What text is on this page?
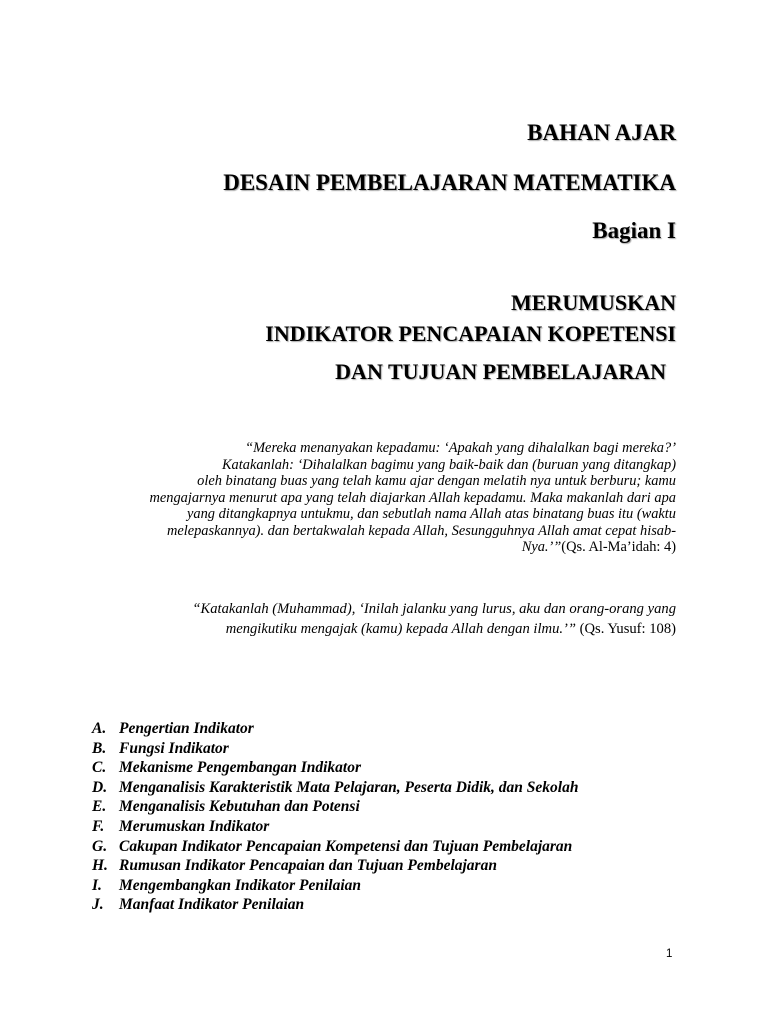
BAHAN AJAR
DESAIN PEMBELAJARAN MATEMATIKA
Bagian I
MERUMUSKAN
INDIKATOR PENCAPAIAN KOPETENSI
DAN TUJUAN PEMBELAJARAN
“Mereka menanyakan kepadamu: ‘Apakah yang dihalalkan bagi mereka?’
Katakanlah: ‘Dihalalkan bagimu yang baik-baik dan (buruan yang ditangkap)
oleh binatang buas yang telah kamu ajar dengan melatih nya untuk berburu; kamu
mengajarnya menurut apa yang telah diajarkan Allah kepadamu. Maka makanlah dari apa
yang ditangkapnya untukmu, dan sebutlah nama Allah atas binatang buas itu (waktu
melepaskannya). dan bertakwalah kepada Allah, Sesungguhnya Allah amat cepat hisab-
Nya.’”(Qs. Al-Ma’idah: 4)
“Katakanlah (Muhammad), ‘Inilah jalanku yang lurus, aku dan orang-orang yang
mengikutiku mengajak (kamu) kepada Allah dengan ilmu.’” (Qs. Yusuf: 108)
A. Pengertian Indikator
B. Fungsi Indikator
C. Mekanisme Pengembangan Indikator
D. Menganalisis Karakteristik Mata Pelajaran, Peserta Didik, dan Sekolah
E. Menganalisis Kebutuhan dan Potensi
F. Merumuskan Indikator
G. Cakupan Indikator Pencapaian Kompetensi dan Tujuan Pembelajaran
H. Rumusan Indikator Pencapaian dan Tujuan Pembelajaran
I. Mengembangkan Indikator Penilaian
J. Manfaat Indikator Penilaian
1
